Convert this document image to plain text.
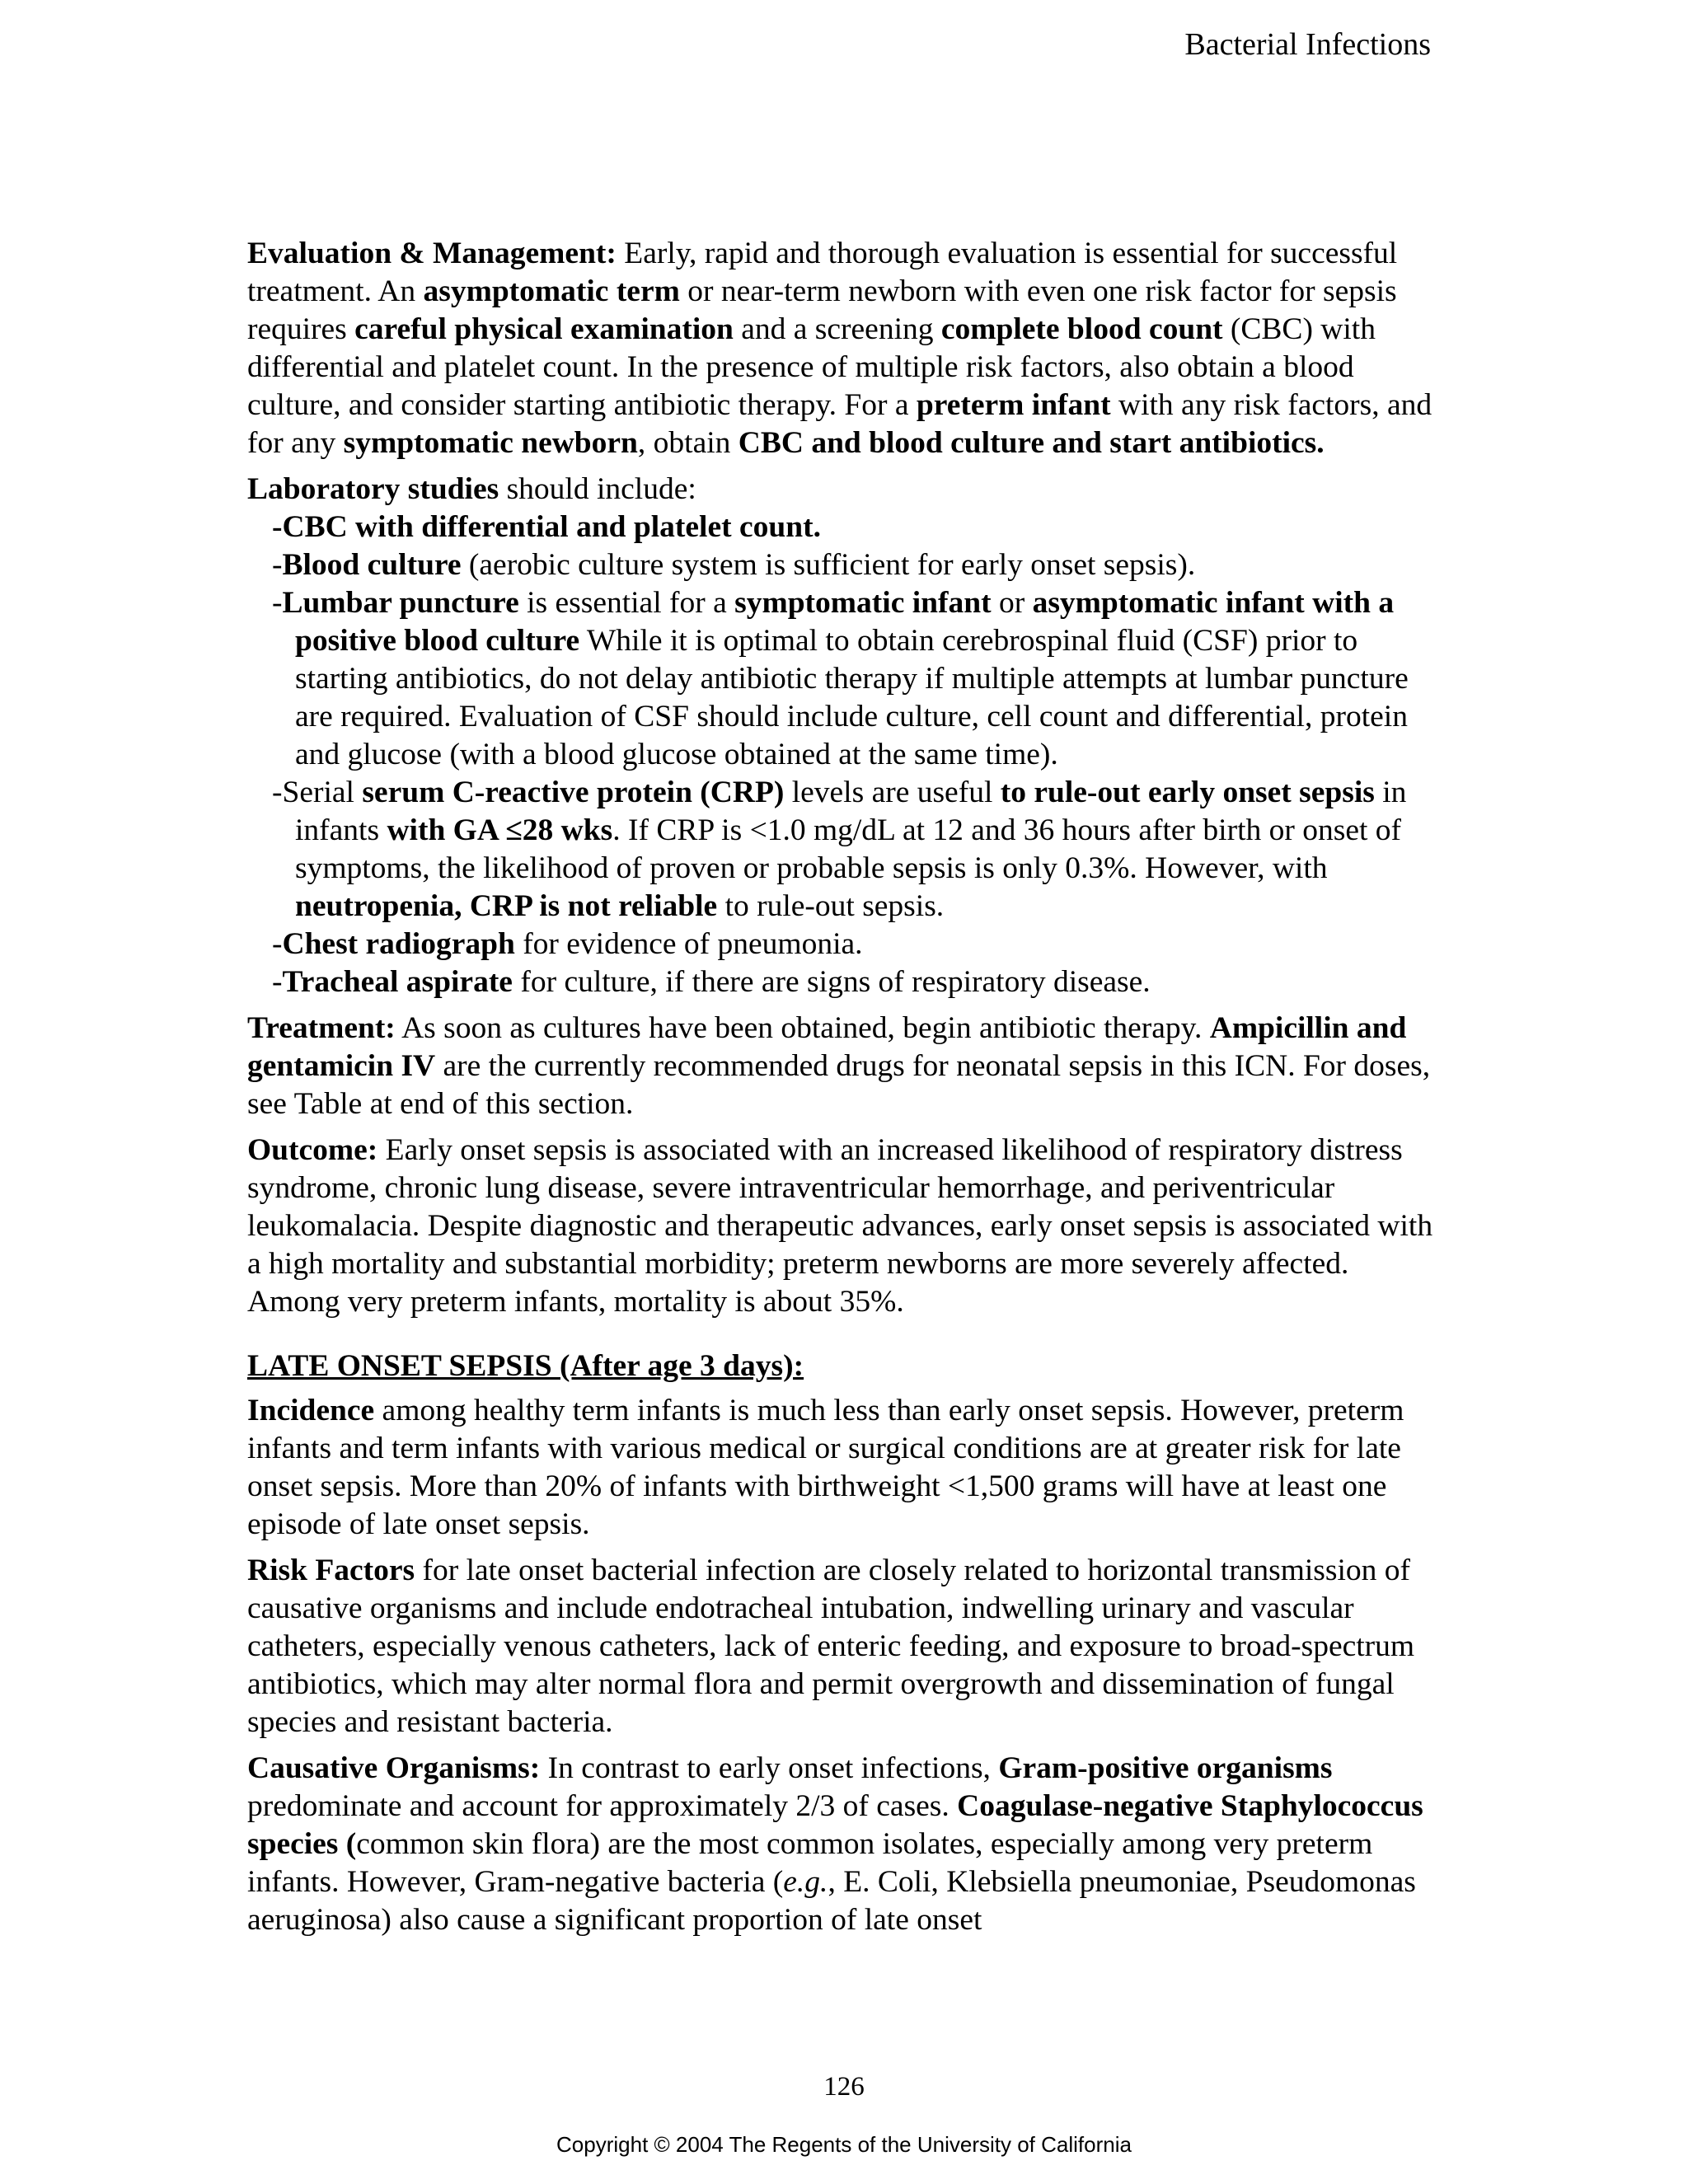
Bacterial Infections

Evaluation & Management: Early, rapid and thorough evaluation is essential for successful treatment. An asymptomatic term or near-term newborn with even one risk factor for sepsis requires careful physical examination and a screening complete blood count (CBC) with differential and platelet count. In the presence of multiple risk factors, also obtain a blood culture, and consider starting antibiotic therapy. For a preterm infant with any risk factors, and for any symptomatic newborn, obtain CBC and blood culture and start antibiotics.

Laboratory studies should include:

-CBC with differential and platelet count.

-Blood culture (aerobic culture system is sufficient for early onset sepsis).

-Lumbar puncture is essential for a symptomatic infant or asymptomatic infant with a positive blood culture While it is optimal to obtain cerebrospinal fluid (CSF) prior to starting antibiotics, do not delay antibiotic therapy if multiple attempts at lumbar puncture are required. Evaluation of CSF should include culture, cell count and differential, protein and glucose (with a blood glucose obtained at the same time).

-Serial serum C-reactive protein (CRP) levels are useful to rule-out early onset sepsis in infants with GA ≤28 wks. If CRP is <1.0 mg/dL at 12 and 36 hours after birth or onset of symptoms, the likelihood of proven or probable sepsis is only 0.3%. However, with neutropenia, CRP is not reliable to rule-out sepsis.

-Chest radiograph for evidence of pneumonia.

-Tracheal aspirate for culture, if there are signs of respiratory disease.

Treatment: As soon as cultures have been obtained, begin antibiotic therapy. Ampicillin and gentamicin IV are the currently recommended drugs for neonatal sepsis in this ICN. For doses, see Table at end of this section.

Outcome: Early onset sepsis is associated with an increased likelihood of respiratory distress syndrome, chronic lung disease, severe intraventricular hemorrhage, and periventricular leukomalacia. Despite diagnostic and therapeutic advances, early onset sepsis is associated with a high mortality and substantial morbidity; preterm newborns are more severely affected. Among very preterm infants, mortality is about 35%.

LATE ONSET SEPSIS (After age 3 days):

Incidence among healthy term infants is much less than early onset sepsis. However, preterm infants and term infants with various medical or surgical conditions are at greater risk for late onset sepsis. More than 20% of infants with birthweight <1,500 grams will have at least one episode of late onset sepsis.

Risk Factors for late onset bacterial infection are closely related to horizontal transmission of causative organisms and include endotracheal intubation, indwelling urinary and vascular catheters, especially venous catheters, lack of enteric feeding, and exposure to broad-spectrum antibiotics, which may alter normal flora and permit overgrowth and dissemination of fungal species and resistant bacteria.

Causative Organisms: In contrast to early onset infections, Gram-positive organisms predominate and account for approximately 2/3 of cases. Coagulase-negative Staphylococcus species (common skin flora) are the most common isolates, especially among very preterm infants. However, Gram-negative bacteria (e.g., E. Coli, Klebsiella pneumoniae, Pseudomonas aeruginosa) also cause a significant proportion of late onset

126
Copyright © 2004 The Regents of the University of California
